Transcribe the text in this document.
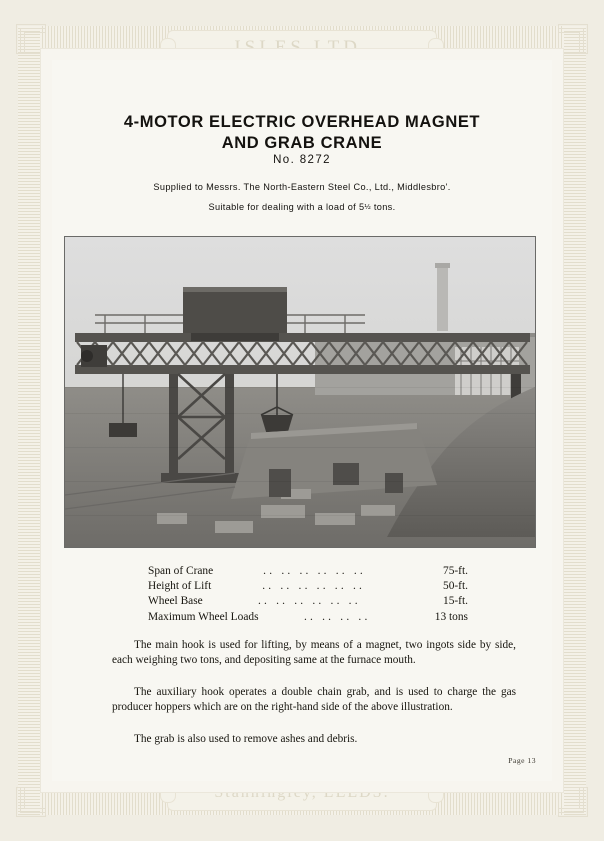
4-MOTOR ELECTRIC OVERHEAD MAGNET
AND GRAB CRANE
No. 8272
Supplied to Messrs. The North-Eastern Steel Co., Ltd., Middlesbro'.
Suitable for dealing with a load of 5½ tons.
Span of Crane	.. .. .. .. .. ..	75-ft.
Height of Lift	.. .. .. .. .. ..	50-ft.
Wheel Base	.. .. .. .. .. ..	15-ft.
Maximum Wheel Loads	.. .. .. ..	13 tons
The main hook is used for lifting, by means of a magnet, two ingots side by side, each weighing two tons, and depositing same at the furnace mouth.
The auxiliary hook operates a double chain grab, and is used to charge the gas producer hoppers which are on the right-hand side of the above illustration.
The grab is also used to remove ashes and debris.
Page 13
